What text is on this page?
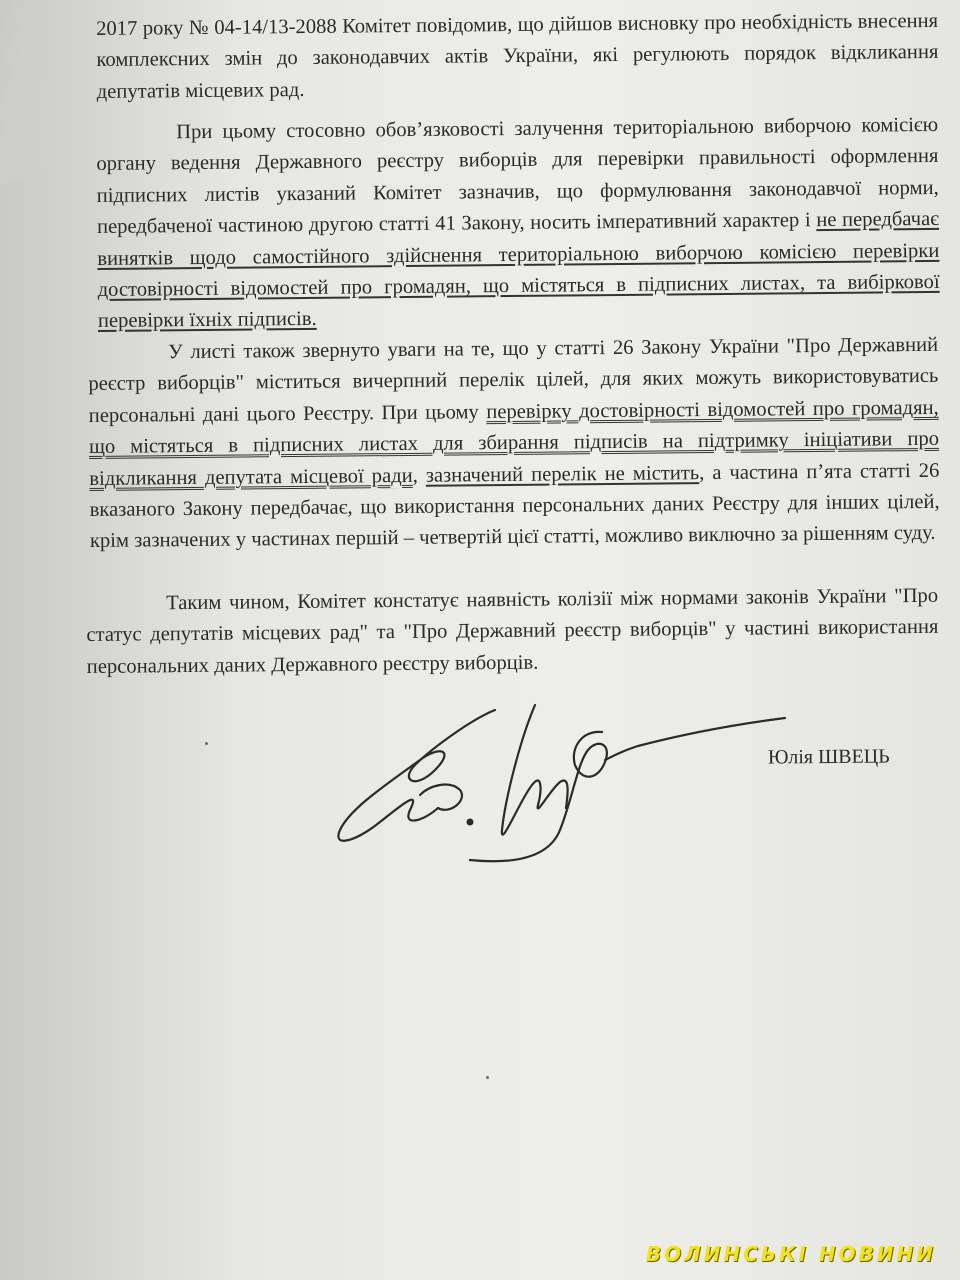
2017 року № 04-14/13-2088 Комітет повідомив, що дійшов висновку про необхідність внесення комплексних змін до законодавчих актів України, які регулюють порядок відкликання депутатів місцевих рад.
При цьому стосовно обов’язковості залучення територіальною виборчою комісією органу ведення Державного реєстру виборців для перевірки правильності оформлення підписних листів указаний Комітет зазначив, що формулювання законодавчої норми, передбаченої частиною другою статті 41 Закону, носить імперативний характер і не передбачає винятків щодо самостійного здійснення територіальною виборчою комісією перевірки достовірності відомостей про громадян, що містяться в підписних листах, та вибіркової перевірки їхніх підписів.
У листі також звернуто уваги на те, що у статті 26 Закону України "Про Державний реєстр виборців" міститься вичерпний перелік цілей, для яких можуть використовуватись персональні дані цього Реєстру. При цьому перевірку достовірності відомостей про громадян, що містяться в підписних листах для збирання підписів на підтримку ініціативи про відкликання депутата місцевої ради, зазначений перелік не містить, а частина п’ята статті 26 вказаного Закону передбачає, що використання персональних даних Реєстру для інших цілей, крім зазначених у частинах першій – четвертій цієї статті, можливо виключно за рішенням суду.
Таким чином, Комітет констатує наявність колізії між нормами законів України "Про статус депутатів місцевих рад" та "Про Державний реєстр виборців" у частині використання персональних даних Державного реєстру виборців.
Юлія ШВЕЦЬ
ВОЛИНСЬКІ НОВИНИ
